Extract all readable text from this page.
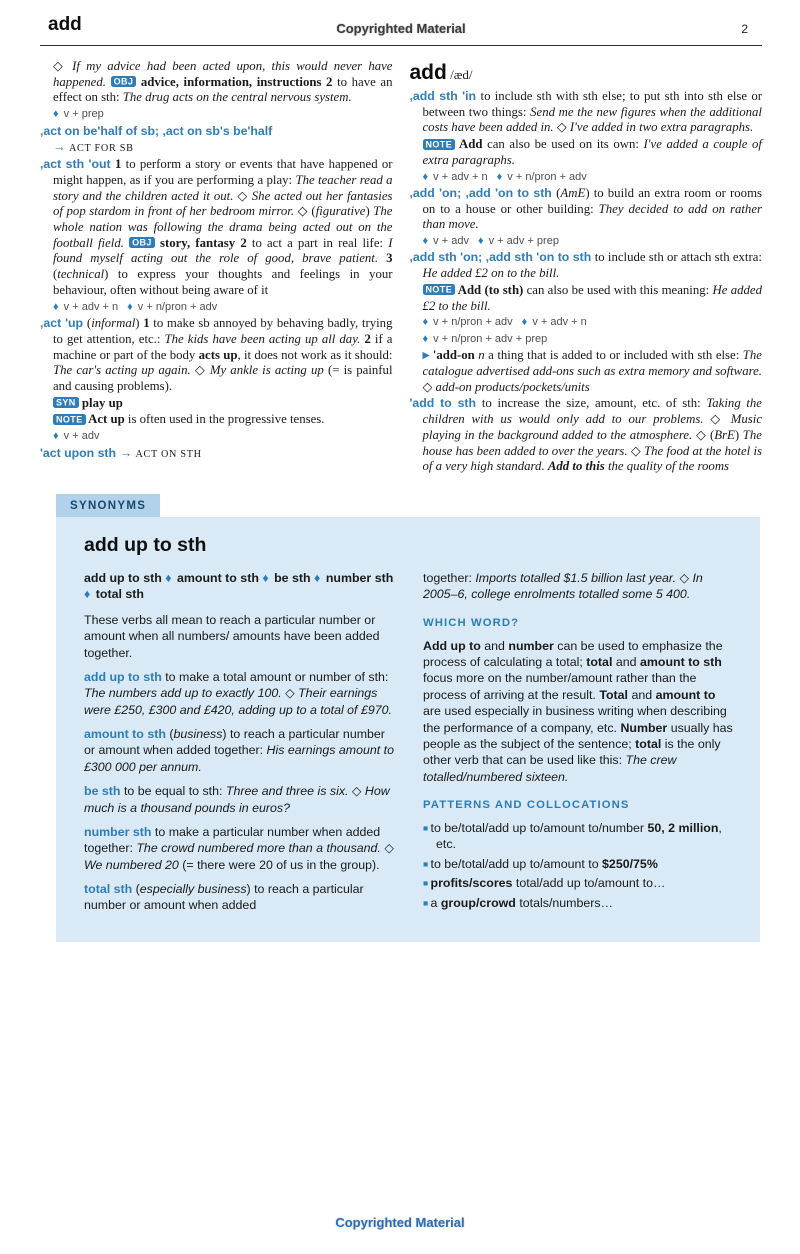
add	Copyrighted Material	2
◇ If my advice had been acted upon, this would never have happened. OBJ advice, information, instructions 2 to have an effect on sth: The drug acts on the central nervous system.
♦ v + prep
,act on be'half of sb; ,act on sb's be'half
→ ACT FOR SB
,act sth 'out 1 to perform a story or events that have happened or might happen, as if you are performing a play: The teacher read a story and the children acted it out. ◇ She acted out her fantasies of pop stardom in front of her bedroom mirror. ◇ (figurative) The whole nation was following the drama being acted out on the football field. OBJ story, fantasy 2 to act a part in real life: I found myself acting out the role of good, brave patient. 3 (technical) to express your thoughts and feelings in your behaviour, often without being aware of it
♦ v + adv + n ♦ v + n/pron + adv
,act 'up (informal) 1 to make sb annoyed by behaving badly, trying to get attention, etc.: The kids have been acting up all day. 2 if a machine or part of the body acts up, it does not work as it should: The car's acting up again. ◇ My ankle is acting up (= is painful and causing problems).
SYN play up
NOTE Act up is often used in the progressive tenses.
♦ v + adv
'act upon sth → ACT ON STH
add /æd/
,add sth 'in to include sth with sth else; to put sth into sth else or between two things: Send me the new figures when the additional costs have been added in. ◇ I've added in two extra paragraphs.
NOTE Add can also be used on its own: I've added a couple of extra paragraphs.
♦ v + adv + n ♦ v + n/pron + adv
,add 'on; ,add 'on to sth (AmE) to build an extra room or rooms on to a house or other building: They decided to add on rather than move.
♦ v + adv ♦ v + adv + prep
,add sth 'on; ,add sth 'on to sth to include sth or attach sth extra: He added £2 on to the bill.
NOTE Add (to sth) can also be used with this meaning: He added £2 to the bill.
♦ v + n/pron + adv ♦ v + adv + n
♦ v + n/pron + adv + prep
▶ 'add-on n a thing that is added to or included with sth else: The catalogue advertised add-ons such as extra memory and software. ◇ add-on products/pockets/units
'add to sth to increase the size, amount, etc. of sth: Taking the children with us would only add to our problems. ◇ Music playing in the background added to the atmosphere. ◇ (BrE) The house has been added to over the years. ◇ The food at the hotel is of a very high standard. Add to this the quality of the rooms
SYNONYMS
add up to sth
add up to sth ♦ amount to sth ♦ be sth ♦ number sth ♦ total sth
These verbs all mean to reach a particular number or amount when all numbers/ amounts have been added together.
add up to sth to make a total amount or number of sth: The numbers add up to exactly 100. ◇ Their earnings were £250, £300 and £420, adding up to a total of £970.
amount to sth (business) to reach a particular number or amount when added together: His earnings amount to £300 000 per annum.
be sth to be equal to sth: Three and three is six. ◇ How much is a thousand pounds in euros?
number sth to make a particular number when added together: The crowd numbered more than a thousand. ◇ We numbered 20 (= there were 20 of us in the group).
total sth (especially business) to reach a particular number or amount when added
together: Imports totalled $1.5 billion last year. ◇ In 2005–6, college enrolments totalled some 5 400.
WHICH WORD?
Add up to and number can be used to emphasize the process of calculating a total; total and amount to sth focus more on the number/amount rather than the process of arriving at the result. Total and amount to are used especially in business writing when describing the performance of a company, etc. Number usually has people as the subject of the sentence; total is the only other verb that can be used like this: The crew totalled/numbered sixteen.
PATTERNS AND COLLOCATIONS
■ to be/total/add up to/amount to/number 50, 2 million, etc.
■ to be/total/add up to/amount to $250/75%
■ profits/scores total/add up to/amount to…
■ a group/crowd totals/numbers…
Copyrighted Material
